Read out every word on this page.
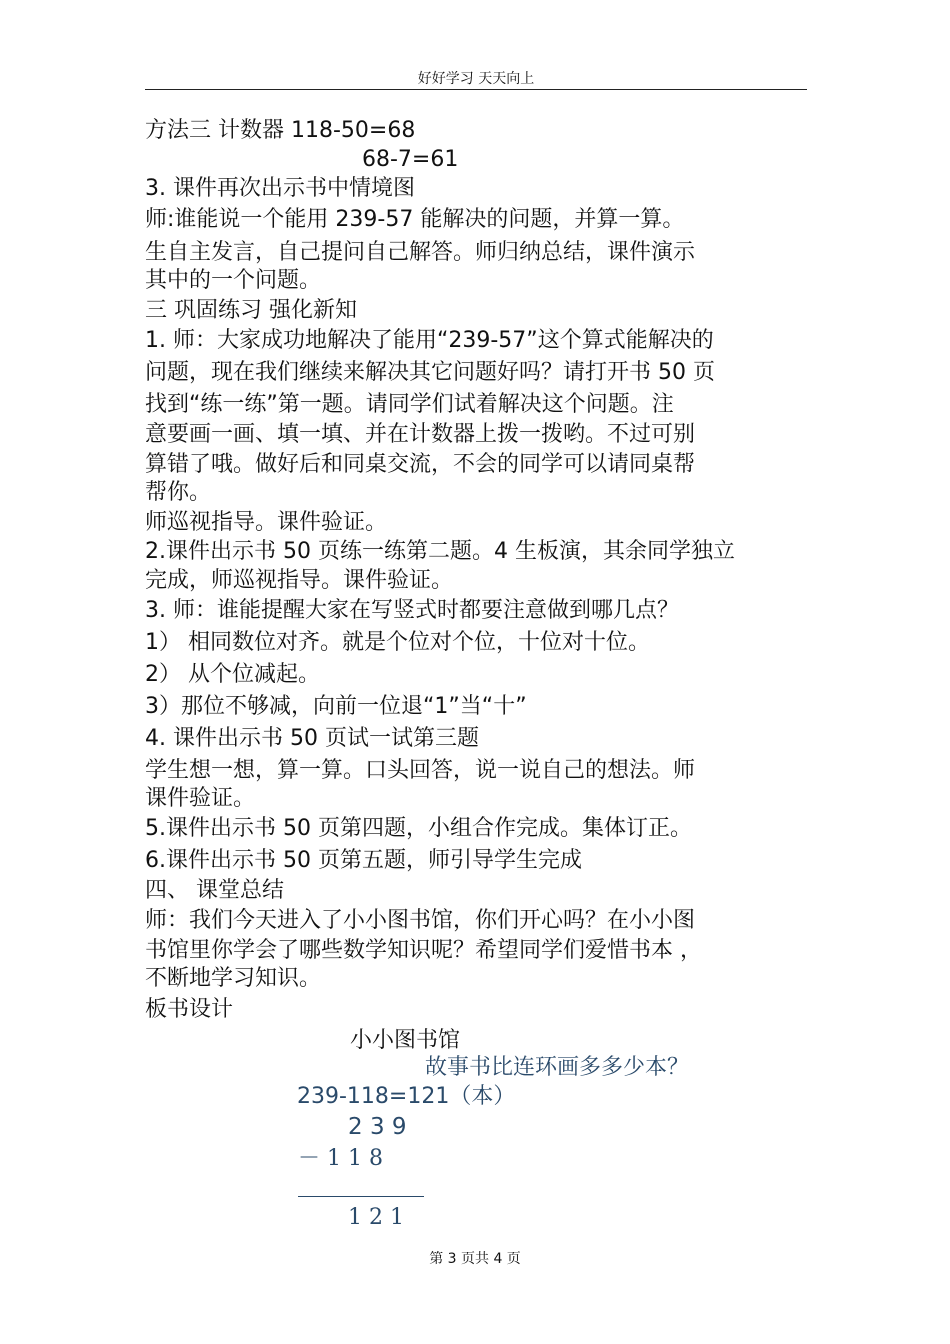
好好学习 天天向上
方法三 计数器 118-50=68
68-7=61
3. 课件再次出示书中情境图
师:谁能说一个能用 239-57 能解决的问题，并算一算。
生自主发言，自己提问自己解答。师归纳总结，课件演示
其中的一个问题。
三 巩固练习 强化新知
1. 师：大家成功地解决了能用“239-57”这个算式能解决的
问题，现在我们继续来解决其它问题好吗？请打开书 50 页
找到“练一练”第一题。请同学们试着解决这个问题。注
意要画一画、填一填、并在计数器上拨一拨哟。不过可别
算错了哦。做好后和同桌交流，不会的同学可以请同桌帮
帮你。
师巡视指导。课件验证。
2.课件出示书 50 页练一练第二题。4 生板演，其余同学独立
完成，师巡视指导。课件验证。
3. 师：谁能提醒大家在写竖式时都要注意做到哪几点？
1） 相同数位对齐。就是个位对个位，十位对十位。
2） 从个位减起。
3）那位不够减，向前一位退“1”当“十”
4. 课件出示书 50 页试一试第三题
学生想一想，算一算。口头回答，说一说自己的想法。师
课件验证。
5.课件出示书 50 页第四题，小组合作完成。集体订正。
6.课件出示书 50 页第五题，师引导学生完成
四、 课堂总结
师：我们今天进入了小小图书馆，你们开心吗？在小小图
书馆里你学会了哪些数学知识呢？希望同学们爱惜书本 ，
不断地学习知识。
板书设计
小小图书馆
故事书比连环画多多少本？
239-118=121（本）
2 3 9
－ 1 1 8
1 2 1
第 3 页共 4 页
